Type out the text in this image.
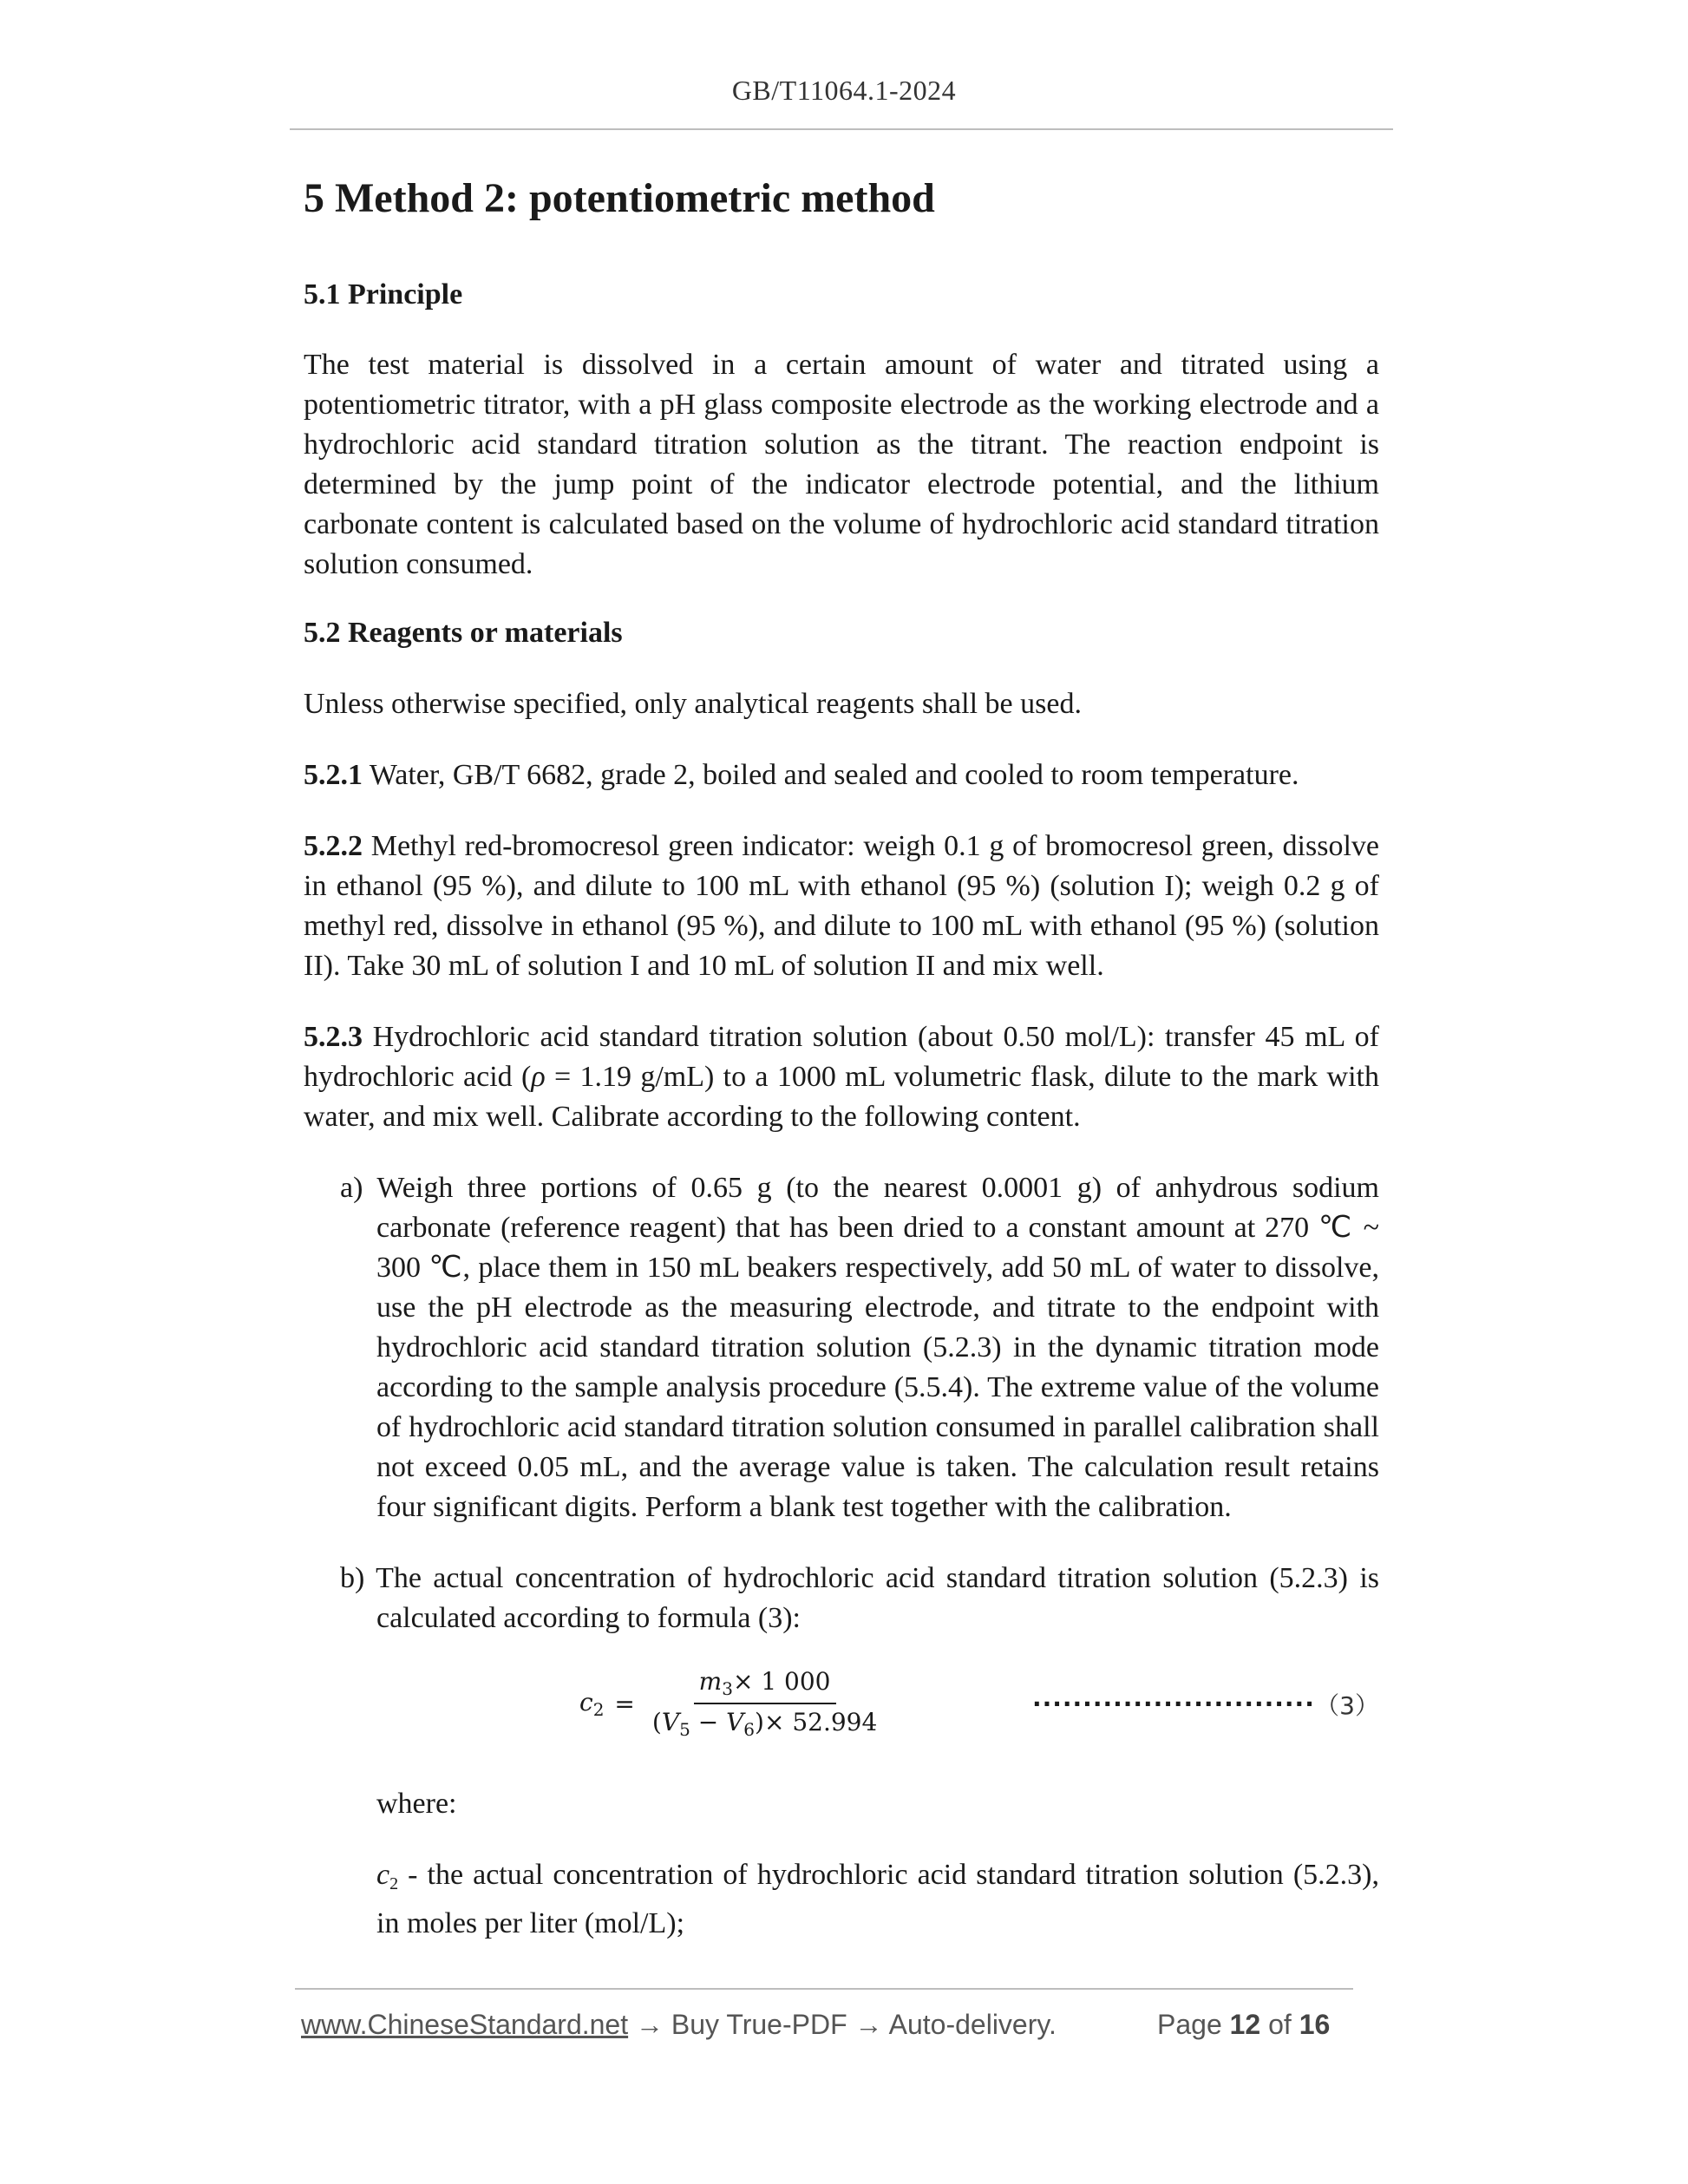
GB/T11064.1-2024
5 Method 2: potentiometric method
5.1 Principle

The test material is dissolved in a certain amount of water and titrated using a potentiometric titrator, with a pH glass composite electrode as the working electrode and a hydrochloric acid standard titration solution as the titrant. The reaction endpoint is determined by the jump point of the indicator electrode potential, and the lithium carbonate content is calculated based on the volume of hydrochloric acid standard titration solution consumed.

5.2 Reagents or materials

Unless otherwise specified, only analytical reagents shall be used.

5.2.1 Water, GB/T 6682, grade 2, boiled and sealed and cooled to room temperature.

5.2.2 Methyl red-bromocresol green indicator: weigh 0.1 g of bromocresol green, dissolve in ethanol (95 %), and dilute to 100 mL with ethanol (95 %) (solution I); weigh 0.2 g of methyl red, dissolve in ethanol (95 %), and dilute to 100 mL with ethanol (95 %) (solution II). Take 30 mL of solution I and 10 mL of solution II and mix well.

5.2.3 Hydrochloric acid standard titration solution (about 0.50 mol/L): transfer 45 mL of hydrochloric acid (ρ = 1.19 g/mL) to a 1000 mL volumetric flask, dilute to the mark with water, and mix well. Calibrate according to the following content.

a) Weigh three portions of 0.65 g (to the nearest 0.0001 g) of anhydrous sodium carbonate (reference reagent) that has been dried to a constant amount at 270 ℃ ~ 300 ℃, place them in 150 mL beakers respectively, add 50 mL of water to dissolve, use the pH electrode as the measuring electrode, and titrate to the endpoint with hydrochloric acid standard titration solution (5.2.3) in the dynamic titration mode according to the sample analysis procedure (5.5.4). The extreme value of the volume of hydrochloric acid standard titration solution consumed in parallel calibration shall not exceed 0.05 mL, and the average value is taken. The calculation result retains four significant digits. Perform a blank test together with the calibration.
b) The actual concentration of hydrochloric acid standard titration solution (5.2.3) is calculated according to formula (3):
$c_2 = \frac{m_3\times 1 000}{(V_5 - V_6)\times 52.994}$	............................ （3）

where:

$c_2$ - the actual concentration of hydrochloric acid standard titration solution (5.2.3), in moles per liter (mol/L);

www.ChineseStandard.net → Buy True-PDF → Auto-delivery.	Page 12 of 16
